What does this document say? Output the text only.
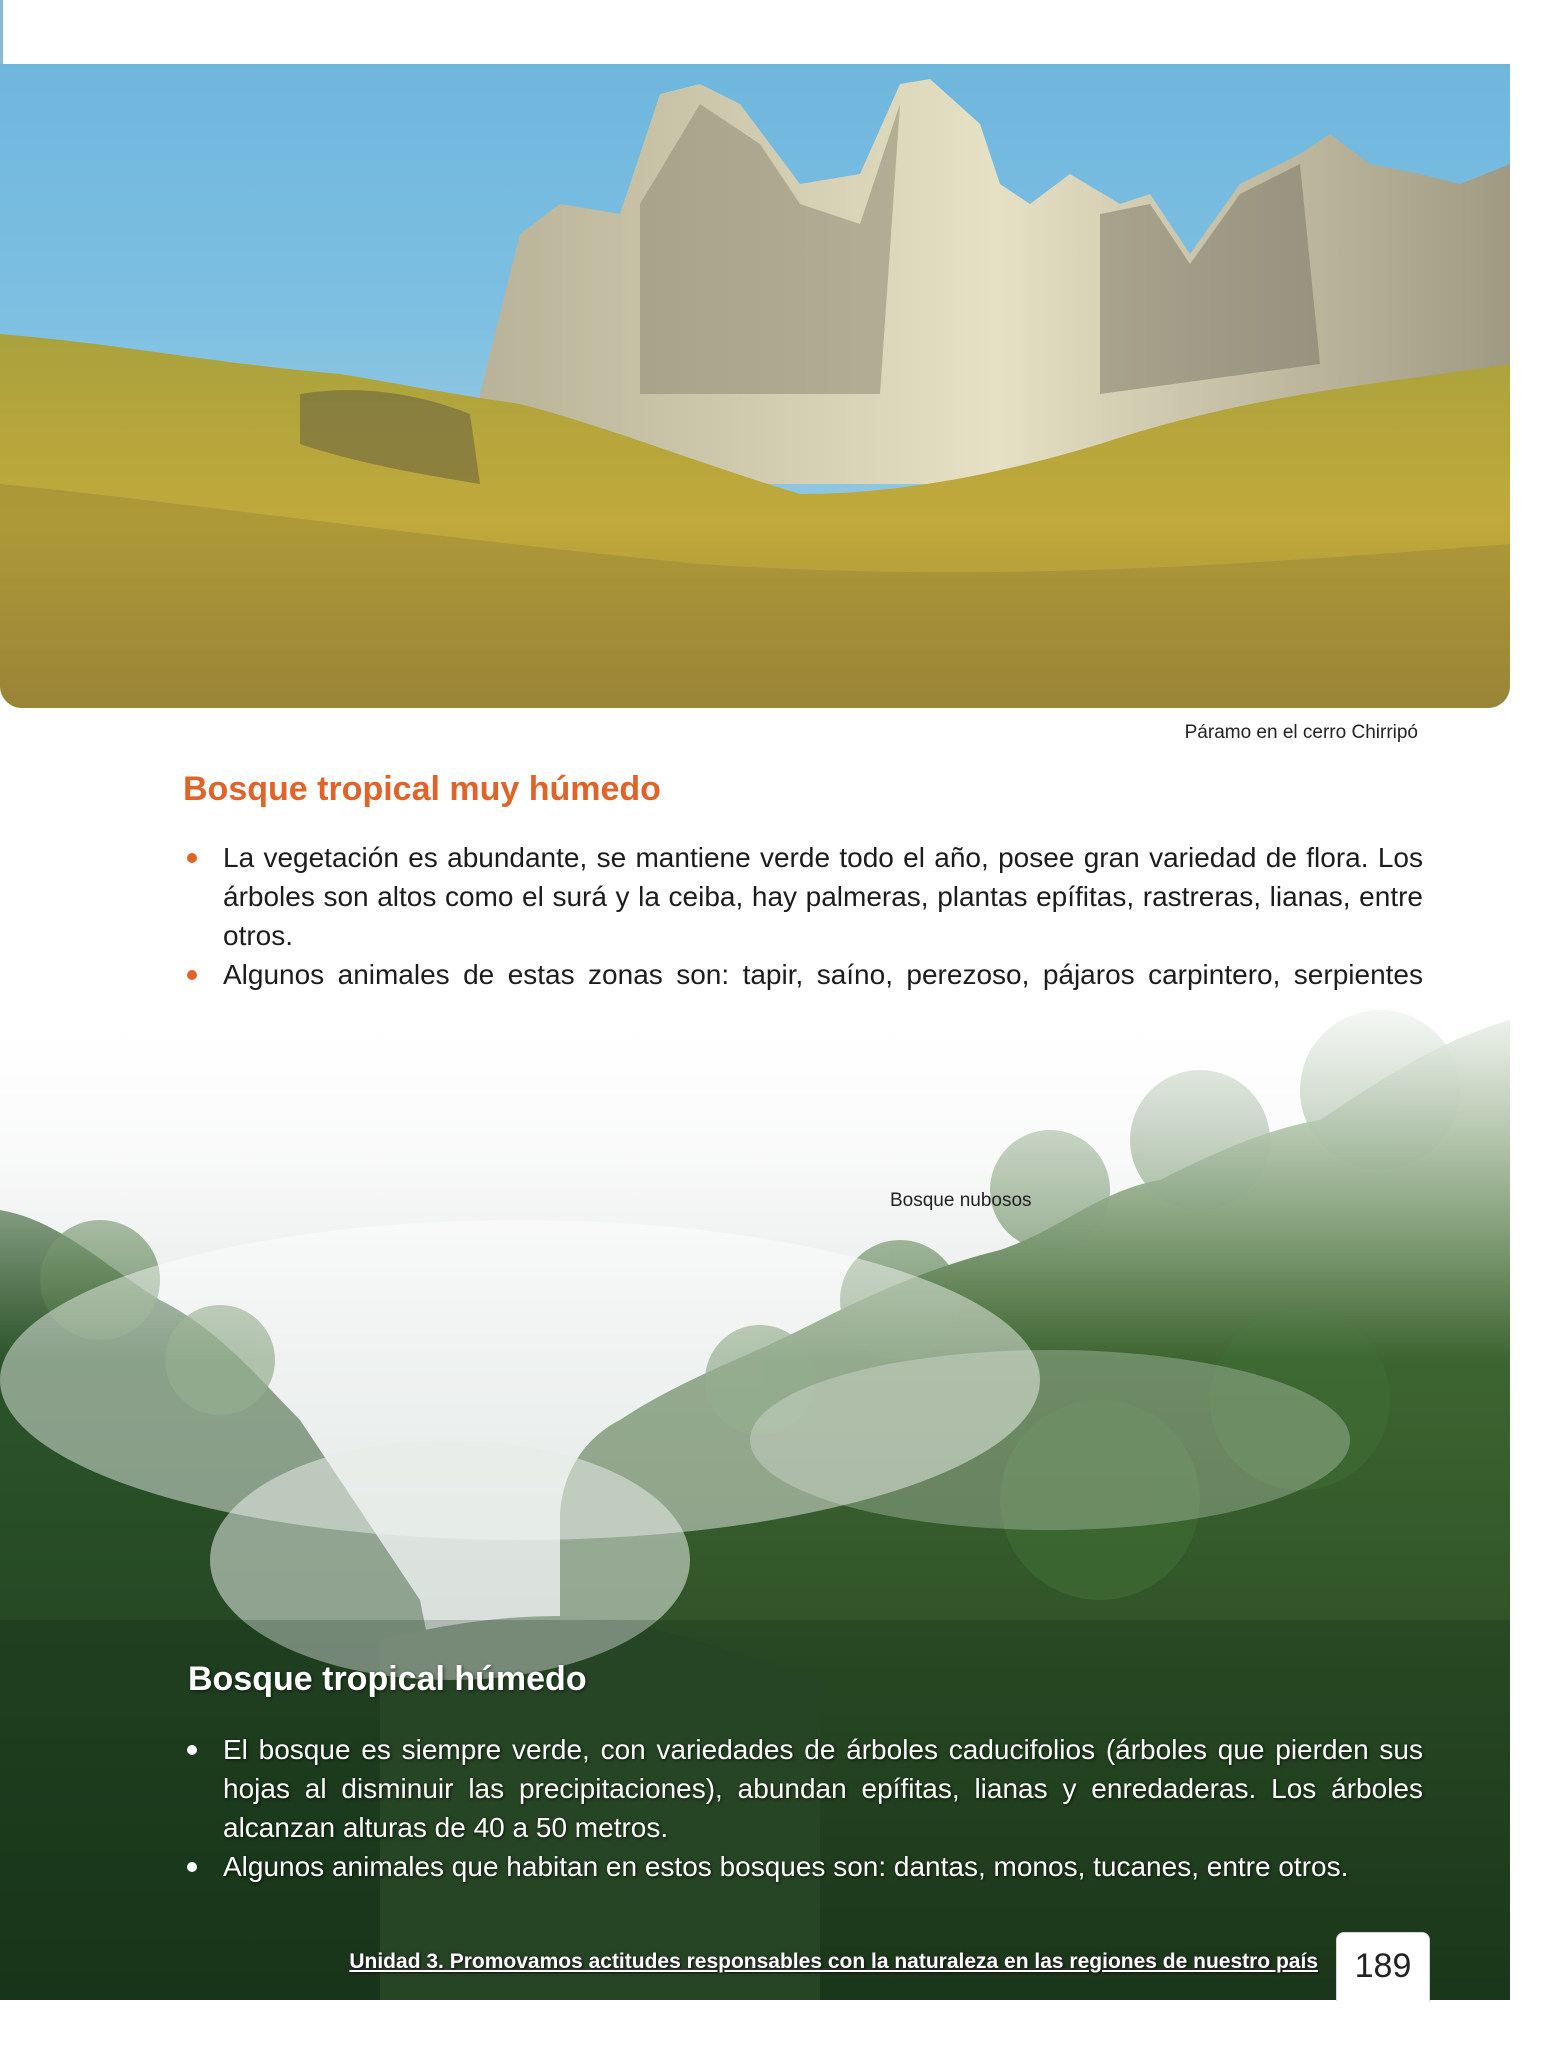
Páramo en el cerro Chirripó
Bosque tropical muy húmedo
La vegetación es abundante, se mantiene verde todo el año, posee gran variedad de flora. Los árboles son altos como el surá y la ceiba, hay palmeras, plantas epífitas, rastreras, lianas, entre otros.
Algunos animales de estas zonas son: tapir, saíno, perezoso, pájaros carpintero, serpientes
Bosque nubosos
Bosque tropical húmedo
El bosque es siempre verde, con variedades de árboles caducifolios (árboles que pierden sus hojas al disminuir las precipitaciones), abundan epífitas, lianas y enredaderas. Los árboles alcanzan alturas de 40 a 50 metros.
Algunos animales que habitan en estos bosques son: dantas, monos, tucanes, entre otros.
Unidad 3. Promovamos actitudes responsables con la naturaleza en las regiones de nuestro país	189
